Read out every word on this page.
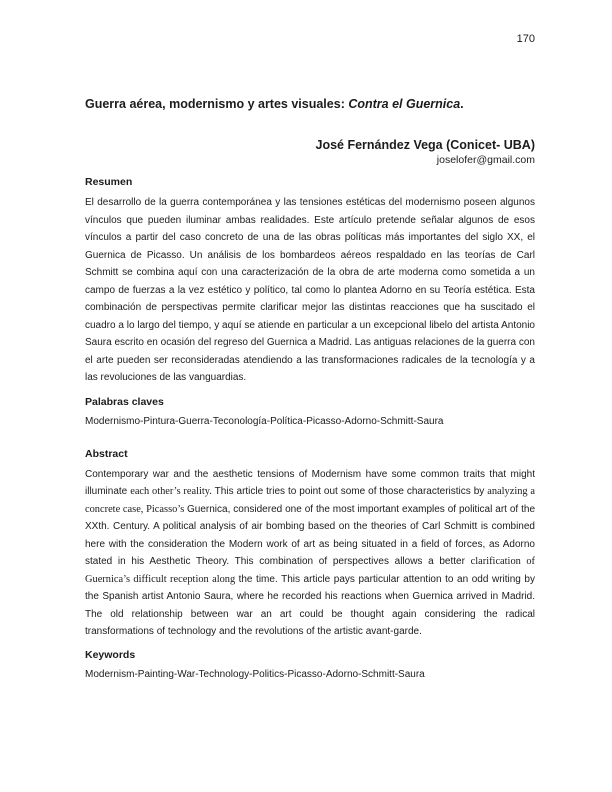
170
Guerra aérea, modernismo y artes visuales: Contra el Guernica.
José Fernández Vega (Conicet- UBA)
joselofer@gmail.com
Resumen
El desarrollo de la guerra contemporánea y las tensiones estéticas del modernismo poseen algunos vínculos que pueden iluminar ambas realidades. Este artículo pretende señalar algunos de esos vínculos a partir del caso concreto de una de las obras políticas más importantes del siglo XX, el Guernica de Picasso. Un análisis de los bombardeos aéreos respaldado en las teorías de Carl Schmitt se combina aquí con una caracterización de la obra de arte moderna como sometida a un campo de fuerzas a la vez estético y político, tal como lo plantea Adorno en su Teoría estética. Esta combinación de perspectivas permite clarificar mejor las distintas reacciones que ha suscitado el cuadro a lo largo del tiempo, y aquí se atiende en particular a un excepcional libelo del artista Antonio Saura escrito en ocasión del regreso del Guernica a Madrid. Las antiguas relaciones de la guerra con el arte pueden ser reconsideradas atendiendo a las transformaciones radicales de la tecnología y a las revoluciones de las vanguardias.
Palabras claves
Modernismo-Pintura-Guerra-Teconología-Política-Picasso-Adorno-Schmitt-Saura
Abstract
Contemporary war and the aesthetic tensions of Modernism have some common traits that might illuminate each other’s reality. This article tries to point out some of those characteristics by analyzing a concrete case, Picasso’s Guernica, considered one of the most important examples of political art of the XXth. Century. A political analysis of air bombing based on the theories of Carl Schmitt is combined here with the consideration the Modern work of art as being situated in a field of forces, as Adorno stated in his Aesthetic Theory. This combination of perspectives allows a better clarification of Guernica’s difficult reception along the time. This article pays particular attention to an odd writing by the Spanish artist Antonio Saura, where he recorded his reactions when Guernica arrived in Madrid. The old relationship between war an art could be thought again considering the radical transformations of technology and the revolutions of the artistic avant-garde.
Keywords
Modernism-Painting-War-Technology-Politics-Picasso-Adorno-Schmitt-Saura
